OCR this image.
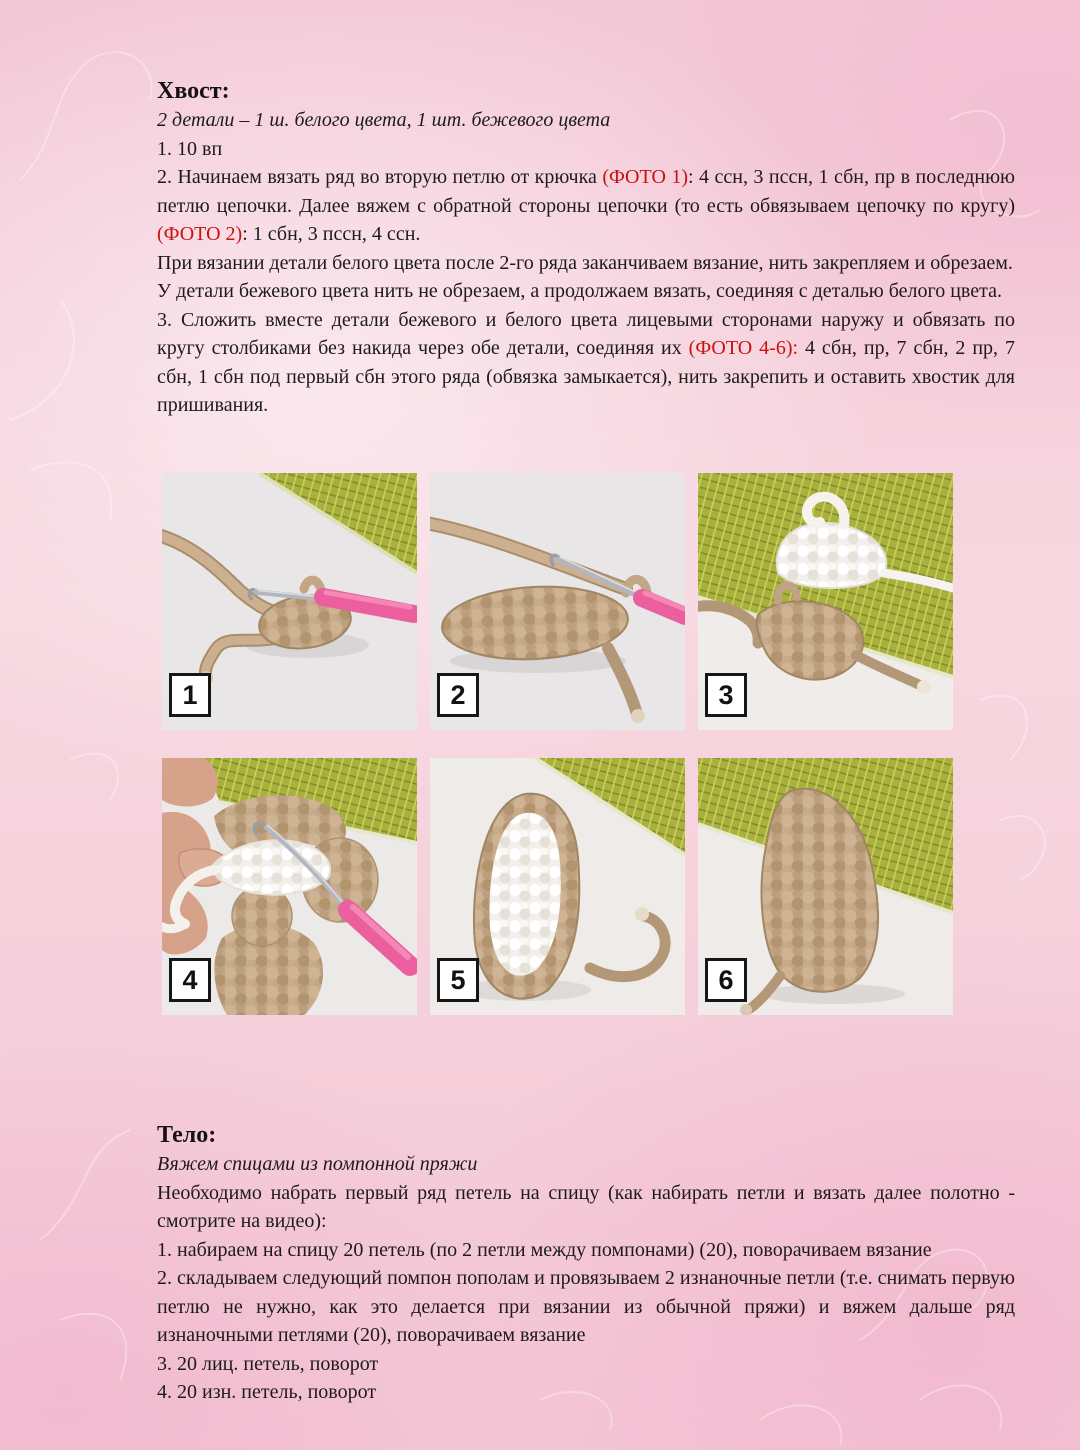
Хвост:

2 детали – 1 ш. белого цвета, 1 шт. бежевого цвета

1. 10 вп

2. Начинаем вязать ряд во вторую петлю от крючка (ФОТО 1): 4 ссн, 3 пссн, 1 сбн, пр в последнюю петлю цепочки. Далее вяжем с обратной стороны цепочки (то есть обвязываем цепочку по кругу) (ФОТО 2): 1 сбн, 3 пссн, 4 ссн.

При вязании детали белого цвета после 2-го ряда заканчиваем вязание, нить закрепляем и обрезаем.

У детали бежевого цвета нить не обрезаем, а продолжаем вязать, соединяя с деталью белого цвета.

3. Сложить вместе детали бежевого и белого цвета лицевыми сторонами наружу и обвязать по кругу столбиками без накида через обе детали, соединяя их (ФОТО 4-6): 4 сбн, пр, 7 сбн, 2 пр, 7 сбн, 1 сбн под первый сбн этого ряда (обвязка замыкается), нить закрепить и оставить хвостик для пришивания.

1	2	3
4	5	6
Тело:

Вяжем спицами из помпонной пряжи

Необходимо набрать первый ряд петель на спицу (как набирать петли и вязать далее полотно - смотрите на видео):

1. набираем на спицу 20 петель (по 2 петли между помпонами) (20), поворачиваем вязание

2. складываем следующий помпон пополам и провязываем 2 изнаночные петли (т.е. снимать первую петлю не нужно, как это делается при вязании из обычной пряжи) и вяжем дальше ряд изнаночными петлями (20), поворачиваем вязание

3. 20 лиц. петель, поворот

4. 20 изн. петель, поворот
